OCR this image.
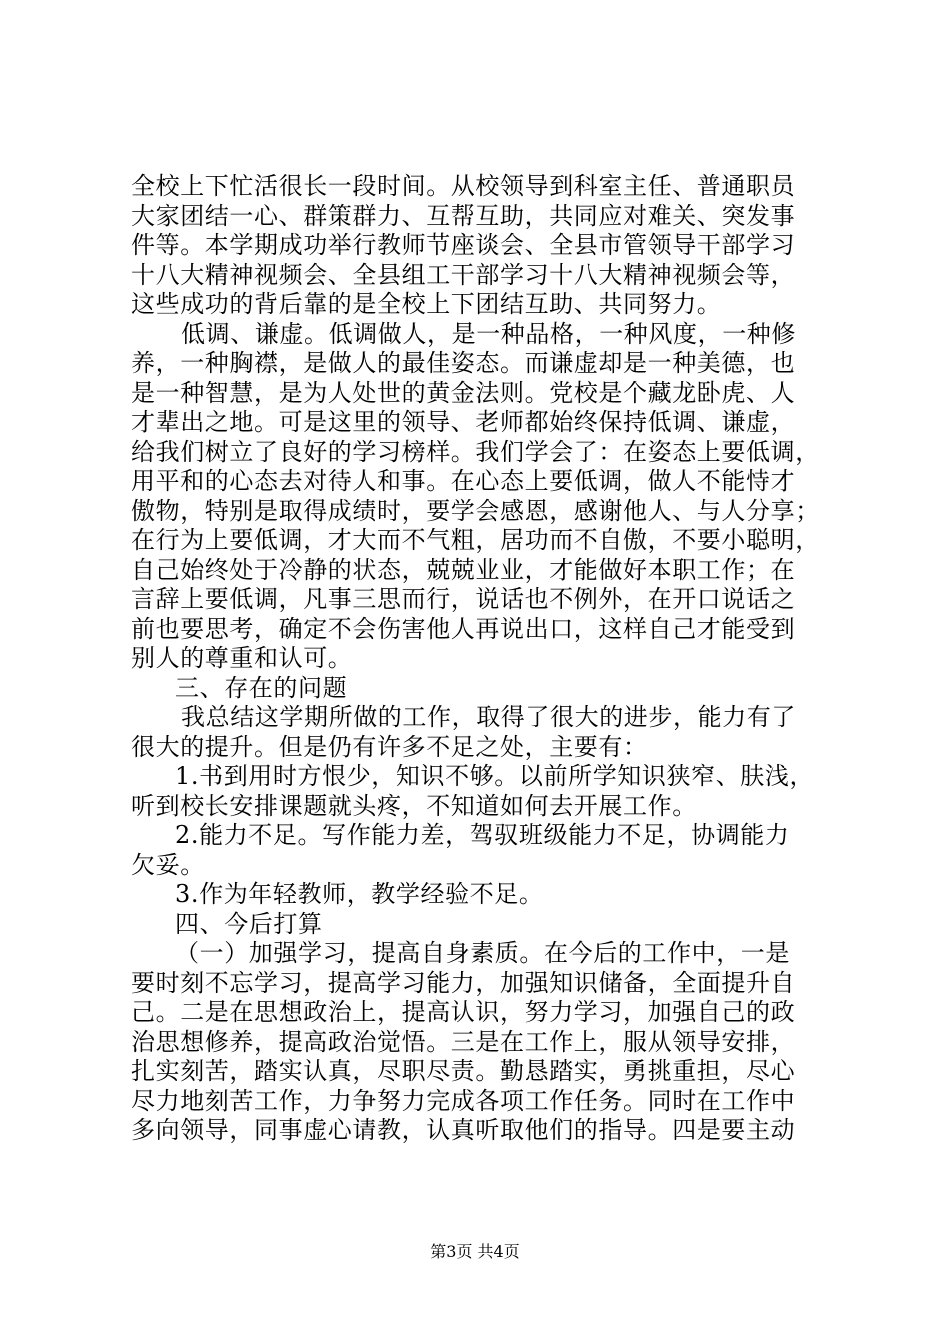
全校上下忙活很长一段时间。从校领导到科室主任、普通职员
大家团结一心、群策群力、互帮互助，共同应对难关、突发事
件等。本学期成功举行教师节座谈会、全县市管领导干部学习
十八大精神视频会、全县组工干部学习十八大精神视频会等，
这些成功的背后靠的是全校上下团结互助、共同努力。
低调、谦虚。低调做人，是一种品格，一种风度，一种修
养，一种胸襟，是做人的最佳姿态。而谦虚却是一种美德，也
是一种智慧，是为人处世的黄金法则。党校是个藏龙卧虎、人
才辈出之地。可是这里的领导、老师都始终保持低调、谦虚，
给我们树立了良好的学习榜样。我们学会了：在姿态上要低调，
用平和的心态去对待人和事。在心态上要低调，做人不能恃才
傲物，特别是取得成绩时，要学会感恩，感谢他人、与人分享；
在行为上要低调，才大而不气粗，居功而不自傲，不要小聪明，
自己始终处于冷静的状态，兢兢业业，才能做好本职工作；在
言辞上要低调，凡事三思而行，说话也不例外，在开口说话之
前也要思考，确定不会伤害他人再说出口，这样自己才能受到
别人的尊重和认可。
三、存在的问题
我总结这学期所做的工作，取得了很大的进步，能力有了
很大的提升。但是仍有许多不足之处，主要有：
1.书到用时方恨少，知识不够。以前所学知识狭窄、肤浅，
听到校长安排课题就头疼，不知道如何去开展工作。
2.能力不足。写作能力差，驾驭班级能力不足，协调能力
欠妥。
3.作为年轻教师，教学经验不足。
四、今后打算
（一）加强学习，提高自身素质。在今后的工作中，一是
要时刻不忘学习，提高学习能力，加强知识储备，全面提升自
己。二是在思想政治上，提高认识，努力学习，加强自己的政
治思想修养，提高政治觉悟。三是在工作上，服从领导安排，
扎实刻苦，踏实认真，尽职尽责。勤恳踏实，勇挑重担，尽心
尽力地刻苦工作，力争努力完成各项工作任务。同时在工作中
多向领导，同事虚心请教，认真听取他们的指导。四是要主动
第3页 共4页
